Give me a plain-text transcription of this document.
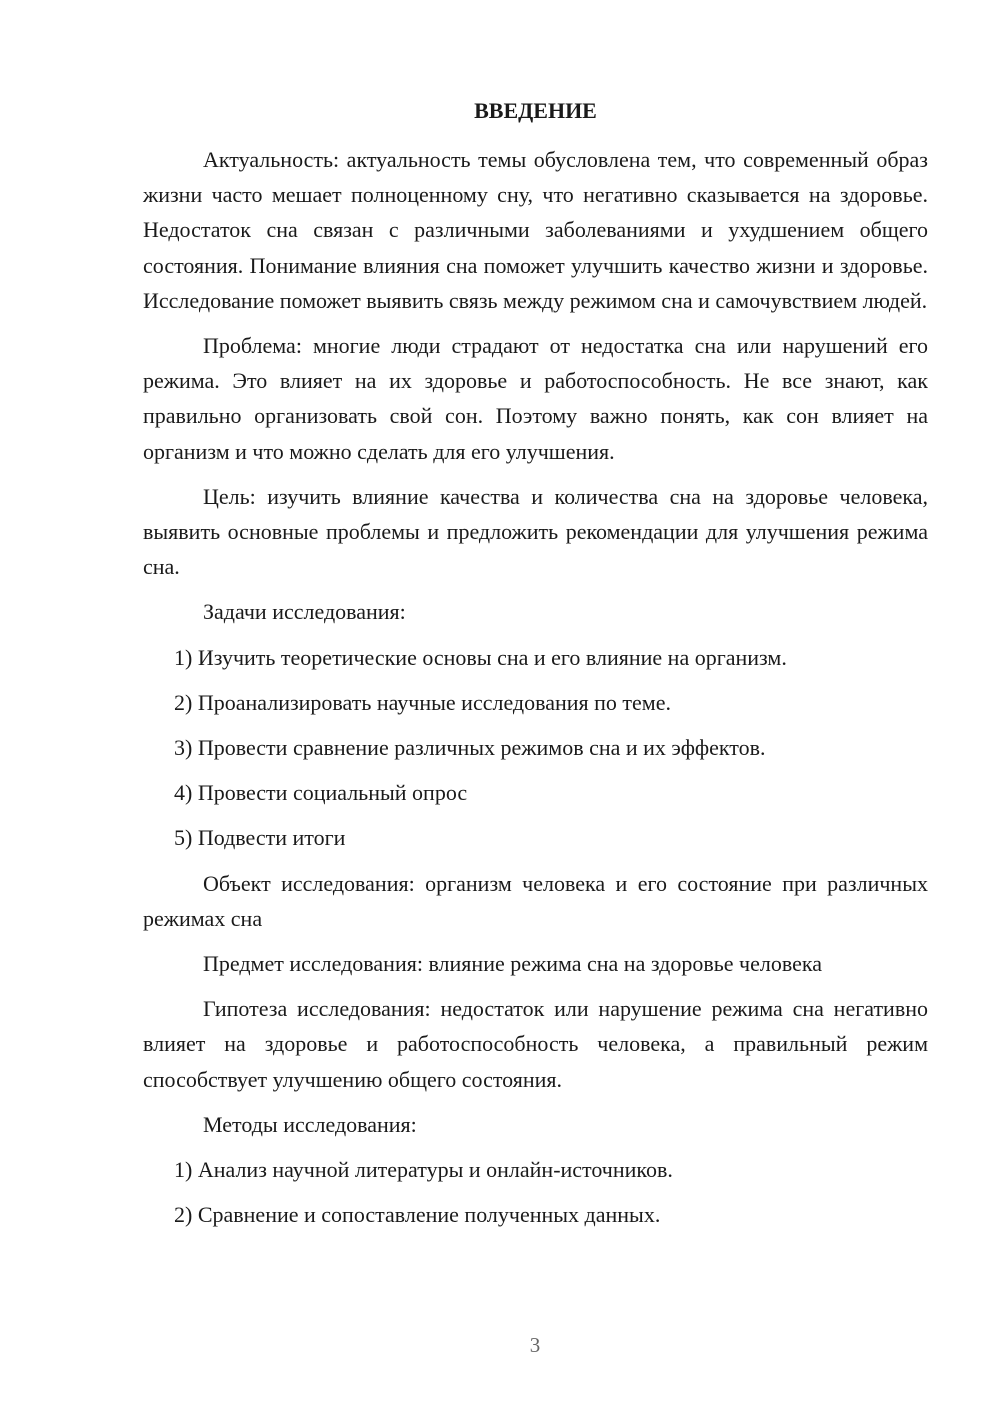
ВВЕДЕНИЕ

Актуальность: актуальность темы обусловлена тем, что современный образ жизни часто мешает полноценному сну, что негативно сказывается на здоровье. Недостаток сна связан с различными заболеваниями и ухудшением общего состояния. Понимание влияния сна поможет улучшить качество жизни и здоровье. Исследование поможет выявить связь между режимом сна и самочувствием людей.

Проблема: многие люди страдают от недостатка сна или нарушений его режима. Это влияет на их здоровье и работоспособность. Не все знают, как правильно организовать свой сон. Поэтому важно понять, как сон влияет на организм и что можно сделать для его улучшения.

Цель: изучить влияние качества и количества сна на здоровье человека, выявить основные проблемы и предложить рекомендации для улучшения режима сна.

Задачи исследования:

1) Изучить теоретические основы сна и его влияние на организм.
2) Проанализировать научные исследования по теме.
3) Провести сравнение различных режимов сна и их эффектов.
4) Провести социальный опрос
5) Подвести итоги

Объект исследования: организм человека и его состояние при различных режимах сна

Предмет исследования: влияние режима сна на здоровье человека

Гипотеза исследования: недостаток или нарушение режима сна негативно влияет на здоровье и работоспособность человека, а правильный режим способствует улучшению общего состояния.

Методы исследования:

1) Анализ научной литературы и онлайн-источников.
2) Сравнение и сопоставление полученных данных.
3
